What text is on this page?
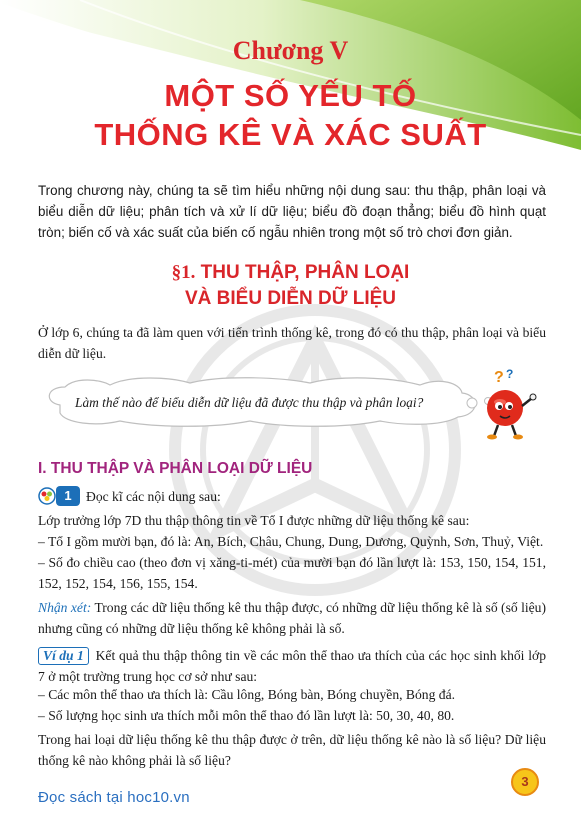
Chương V
MỘT SỐ YẾU TỐ
THỐNG KÊ VÀ XÁC SUẤT
Trong chương này, chúng ta sẽ tìm hiểu những nội dung sau: thu thập, phân loại và biểu diễn dữ liệu; phân tích và xử lí dữ liệu; biểu đồ đoạn thẳng; biểu đồ hình quạt tròn; biến cố và xác suất của biến cố ngẫu nhiên trong một số trò chơi đơn giản.
§1. THU THẬP, PHÂN LOẠI
VÀ BIỂU DIỄN DỮ LIỆU
Ở lớp 6, chúng ta đã làm quen với tiến trình thống kê, trong đó có thu thập, phân loại và biểu diễn dữ liệu.
Làm thế nào để biểu diễn dữ liệu đã được thu thập và phân loại?
? ?
I. THU THẬP VÀ PHÂN LOẠI DỮ LIỆU
1	Đọc kĩ các nội dung sau:
Lớp trưởng lớp 7D thu thập thông tin về Tổ I được những dữ liệu thống kê sau:
– Tổ I gồm mười bạn, đó là: An, Bích, Châu, Chung, Dung, Dương, Quỳnh, Sơn, Thuỷ, Việt.
– Số đo chiều cao (theo đơn vị xăng-ti-mét) của mười bạn đó lần lượt là: 153, 150, 154, 151, 152, 152, 154, 156, 155, 154.
Nhận xét: Trong các dữ liệu thống kê thu thập được, có những dữ liệu thống kê là số (số liệu) nhưng cũng có những dữ liệu thống kê không phải là số.
Ví dụ 1 Kết quả thu thập thông tin về các môn thể thao ưa thích của các học sinh khối lớp 7 ở một trường trung học cơ sở như sau:
– Các môn thể thao ưa thích là: Cầu lông, Bóng bàn, Bóng chuyền, Bóng đá.
– Số lượng học sinh ưa thích mỗi môn thể thao đó lần lượt là: 50, 30, 40, 80.
Trong hai loại dữ liệu thống kê thu thập được ở trên, dữ liệu thống kê nào là số liệu? Dữ liệu thống kê nào không phải là số liệu?
3
Đọc sách tại hoc10.vn
